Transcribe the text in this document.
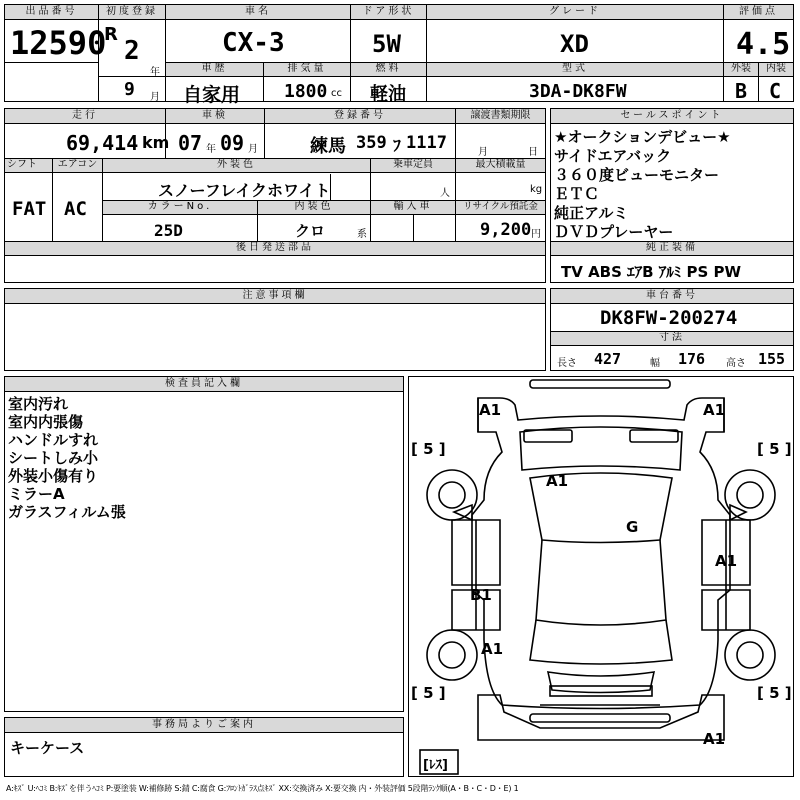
出品番号
12590
初度登録
R
2
年
9 月
車名
CX-3
ドア形状
5W
グレード
XD
評価点
4.5
車歴
自家用
排気量
1800 cc
燃料
軽油
型式
3DA-DK8FW
外装	内装
B C
走行
69,414 km
車検
07 年 09 月
登録番号
練馬 359 ﾌ 1117
譲渡書類期限
月	日
シフト
FAT
エアコン
AC
外装色
スノーフレイクホワイト
乗車定員
人
最大積載量
kg
カラーNo.
25D
内装色
クロ	系
輸入車	リサイクル預託金
9,200 円
後日発送部品
セールスポイント
★オークションデビュー★
サイドエアバック
３６０度ビューモニター
ＥＴＣ
純正アルミ
ＤＶＤプレーヤー
純正装備
TV ABS ｴｱB ｱﾙﾐ PS PW
注意事項欄	車台番号
DK8FW-200274
寸法
長さ 427	幅 176 高さ 155
検査員記入欄
室内汚れ
室内内張傷
ハンドルすれ
シートしみ小
外装小傷有り
ミラーA
ガラスフィルム張
事務局よりご案内
キーケース
A1	A1
A1
G
A1
B1
A1
A1
[ 5 ]	[ 5 ]
[ 5 ]	[ 5 ]
[ﾚｽ]
A:ｷｽﾞ U:ﾍｺﾐ B:ｷｽﾞを伴うﾍｺﾐ P:要塗装 W:補修跡 S:錆 C:腐食 G:ﾌﾛﾝﾄｶﾞﾗｽ点ｷｽﾞ XX:交換済み X:要交換 内・外装評価 5段階ﾗﾝｸ順(A・B・C・D・E) 1
